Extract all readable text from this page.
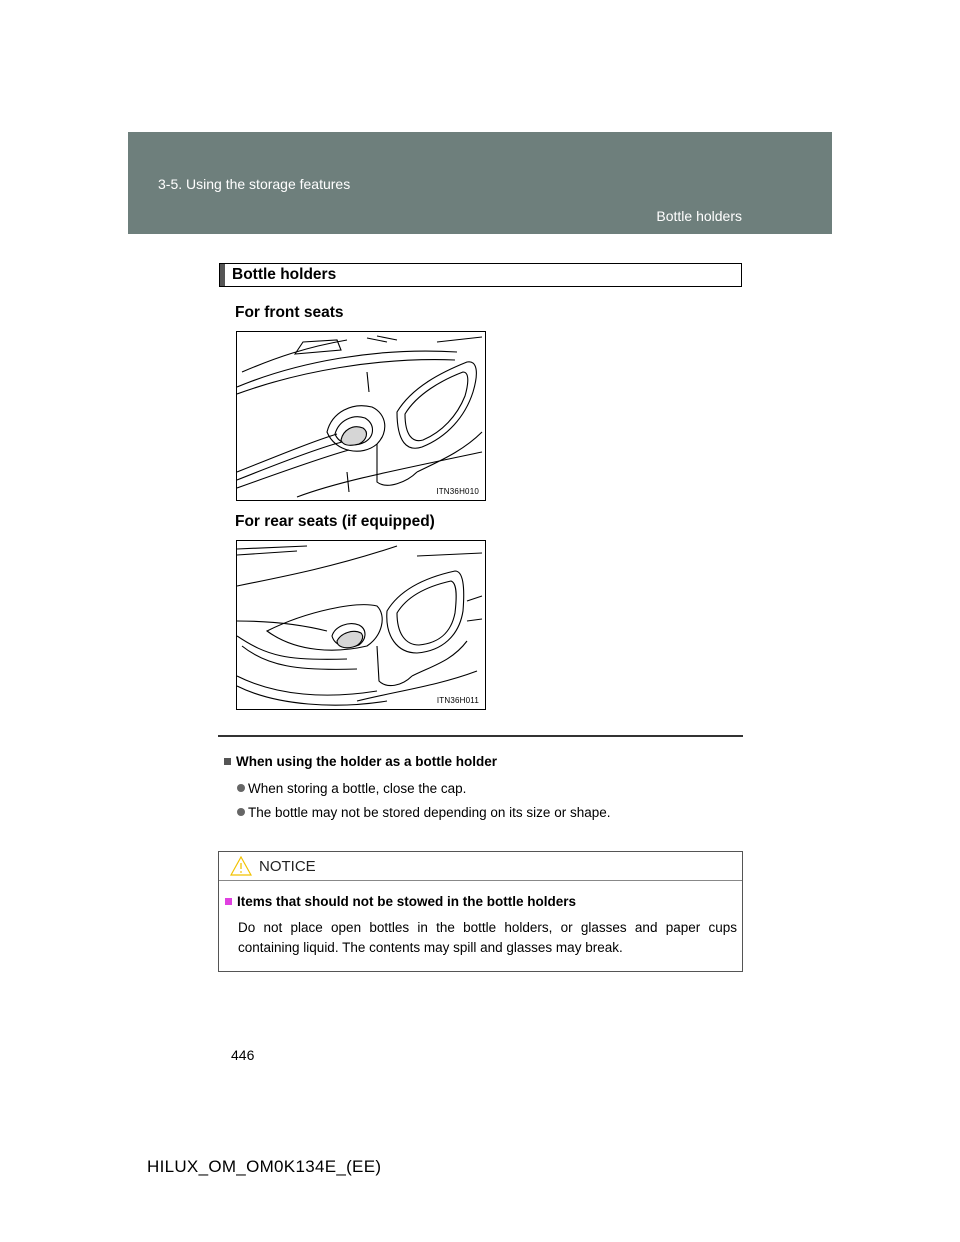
3-5. Using the storage features
Bottle holders
Bottle holders
For front seats
ITN36H010
For rear seats (if equipped)
ITN36H011
When using the holder as a bottle holder
When storing a bottle, close the cap.
The bottle may not be stored depending on its size or shape.
NOTICE
Items that should not be stowed in the bottle holders
Do not place open bottles in the bottle holders, or glasses and paper cups containing liquid. The contents may spill and glasses may break.
446
HILUX_OM_OM0K134E_(EE)
